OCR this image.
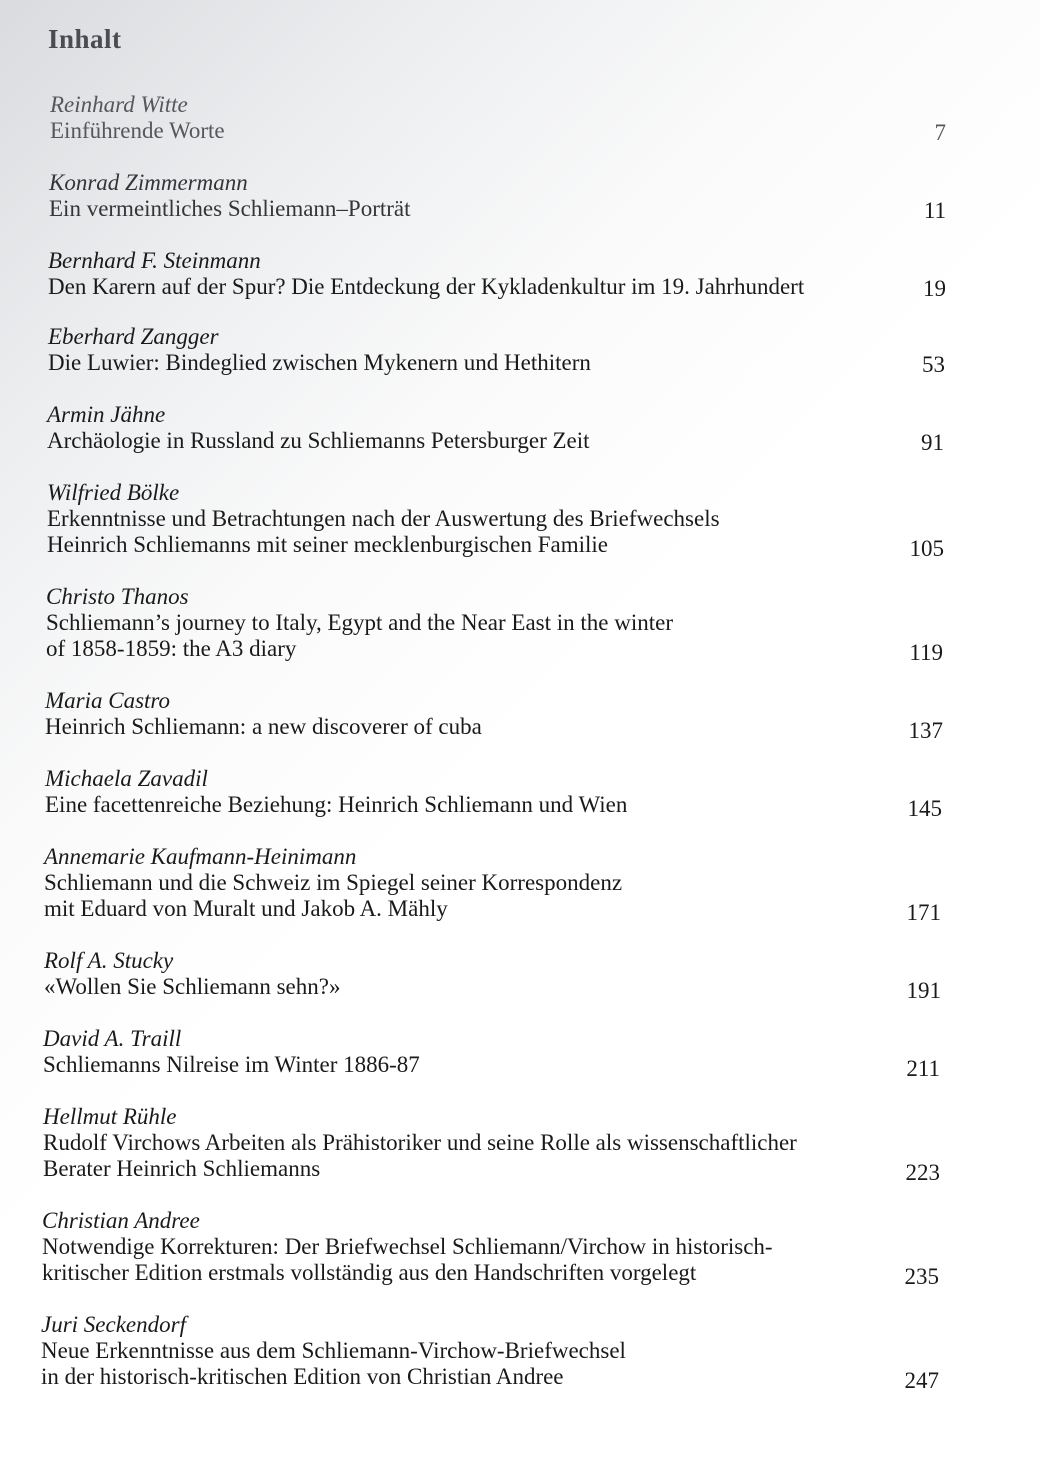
Inhalt
Reinhard Witte
Einführende Worte	7
Konrad Zimmermann
Ein vermeintliches Schliemann–Porträt	11
Bernhard F. Steinmann
Den Karern auf der Spur? Die Entdeckung der Kykladenkultur im 19. Jahrhundert	19
Eberhard Zangger
Die Luwier: Bindeglied zwischen Mykenern und Hethitern	53
Armin Jähne
Archäologie in Russland zu Schliemanns Petersburger Zeit	91
Wilfried Bölke
Erkenntnisse und Betrachtungen nach der Auswertung des Briefwechsels
Heinrich Schliemanns mit seiner mecklenburgischen Familie	105
Christo Thanos
Schliemann’s journey to Italy, Egypt and the Near East in the winter
of 1858-1859: the A3 diary	119
Maria Castro
Heinrich Schliemann: a new discoverer of cuba	137
Michaela Zavadil
Eine facettenreiche Beziehung: Heinrich Schliemann und Wien	145
Annemarie Kaufmann-Heinimann
Schliemann und die Schweiz im Spiegel seiner Korrespondenz
mit Eduard von Muralt und Jakob A. Mähly	171
Rolf A. Stucky
«Wollen Sie Schliemann sehn?»	191
David A. Traill
Schliemanns Nilreise im Winter 1886-87	211
Hellmut Rühle
Rudolf Virchows Arbeiten als Prähistoriker und seine Rolle als wissenschaftlicher
Berater Heinrich Schliemanns	223
Christian Andree
Notwendige Korrekturen: Der Briefwechsel Schliemann/Virchow in historisch-
kritischer Edition erstmals vollständig aus den Handschriften vorgelegt	235
Juri Seckendorf
Neue Erkenntnisse aus dem Schliemann-Virchow-Briefwechsel
in der historisch-kritischen Edition von Christian Andree	247
